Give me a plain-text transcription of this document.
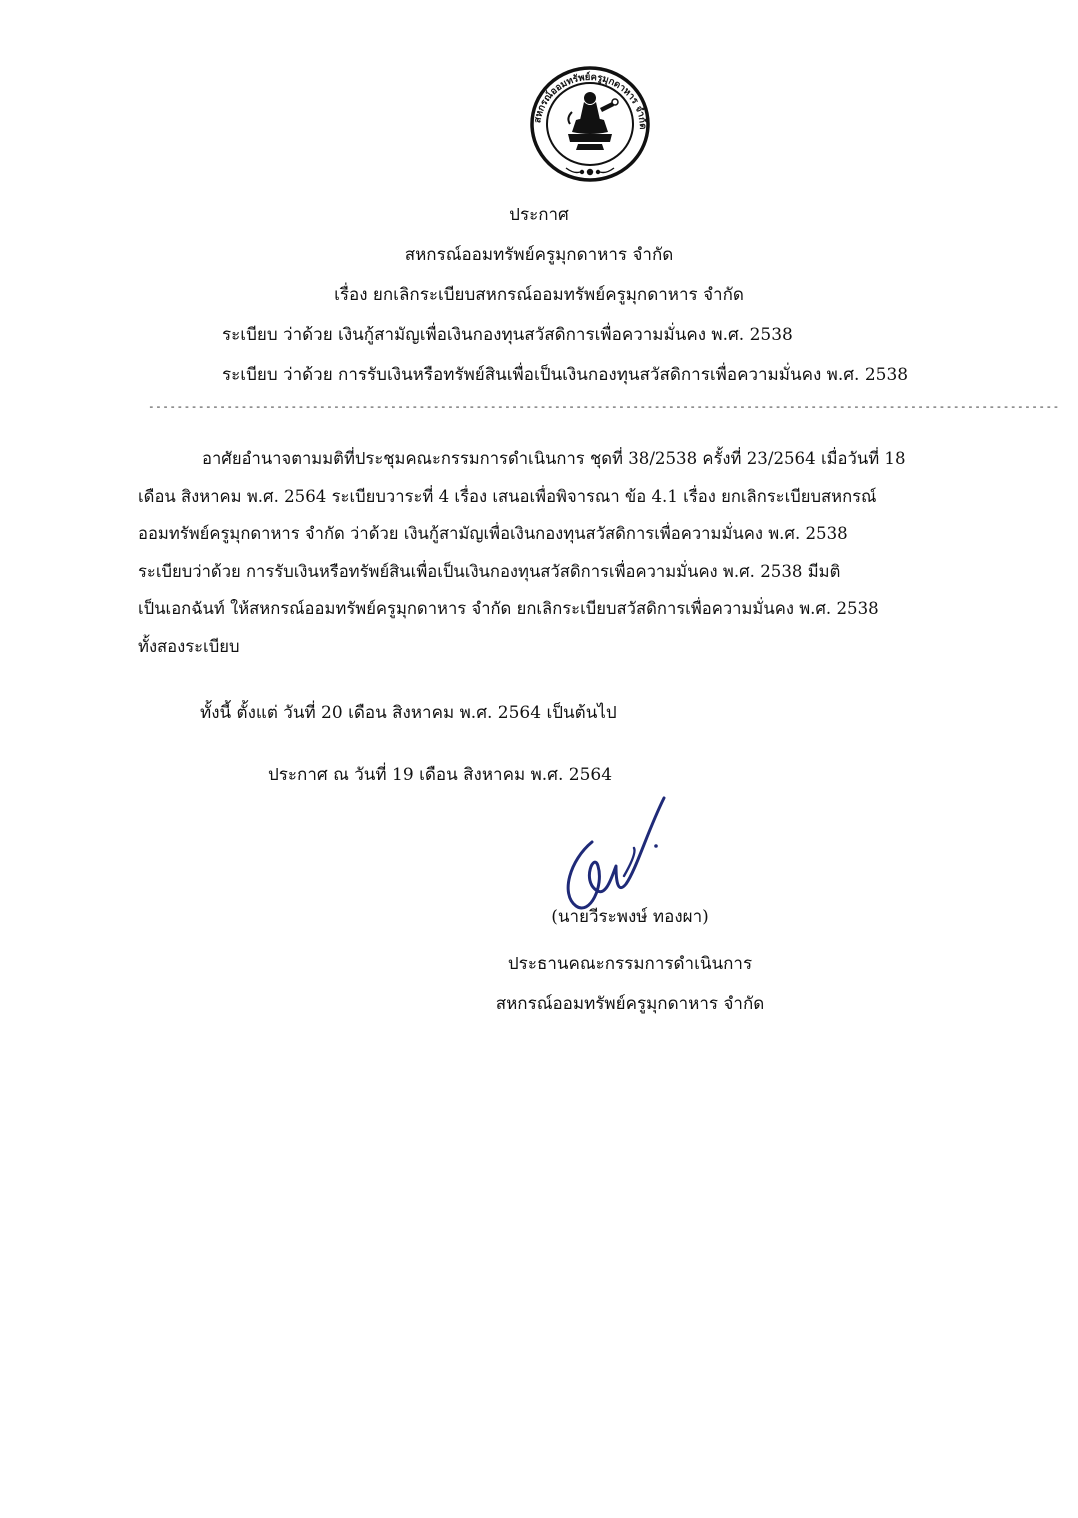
สหกรณ์ออมทรัพย์ครูมุกดาหาร จำกัด
ประกาศ
สหกรณ์ออมทรัพย์ครูมุกดาหาร จำกัด
เรื่อง ยกเลิกระเบียบสหกรณ์ออมทรัพย์ครูมุกดาหาร จำกัด
ระเบียบ ว่าด้วย เงินกู้สามัญเพื่อเงินกองทุนสวัสดิการเพื่อความมั่นคง พ.ศ. 2538
ระเบียบ ว่าด้วย การรับเงินหรือทรัพย์สินเพื่อเป็นเงินกองทุนสวัสดิการเพื่อความมั่นคง พ.ศ. 2538
--------------------------------------------------------------------------------------------------------------------------------
อาศัยอำนาจตามมติที่ประชุมคณะกรรมการดำเนินการ ชุดที่ 38/2538 ครั้งที่ 23/2564 เมื่อวันที่ 18
เดือน สิงหาคม พ.ศ. 2564 ระเบียบวาระที่ 4 เรื่อง เสนอเพื่อพิจารณา ข้อ 4.1 เรื่อง ยกเลิกระเบียบสหกรณ์
ออมทรัพย์ครูมุกดาหาร จำกัด ว่าด้วย เงินกู้สามัญเพื่อเงินกองทุนสวัสดิการเพื่อความมั่นคง พ.ศ. 2538
ระเบียบว่าด้วย การรับเงินหรือทรัพย์สินเพื่อเป็นเงินกองทุนสวัสดิการเพื่อความมั่นคง พ.ศ. 2538 มีมติ
เป็นเอกฉันท์ ให้สหกรณ์ออมทรัพย์ครูมุกดาหาร จำกัด ยกเลิกระเบียบสวัสดิการเพื่อความมั่นคง พ.ศ. 2538
ทั้งสองระเบียบ
ทั้งนี้ ตั้งแต่ วันที่ 20 เดือน สิงหาคม พ.ศ. 2564 เป็นต้นไป
ประกาศ ณ วันที่ 19 เดือน สิงหาคม พ.ศ. 2564
(นายวีระพงษ์ ทองผา)
ประธานคณะกรรมการดำเนินการ
สหกรณ์ออมทรัพย์ครูมุกดาหาร จำกัด
